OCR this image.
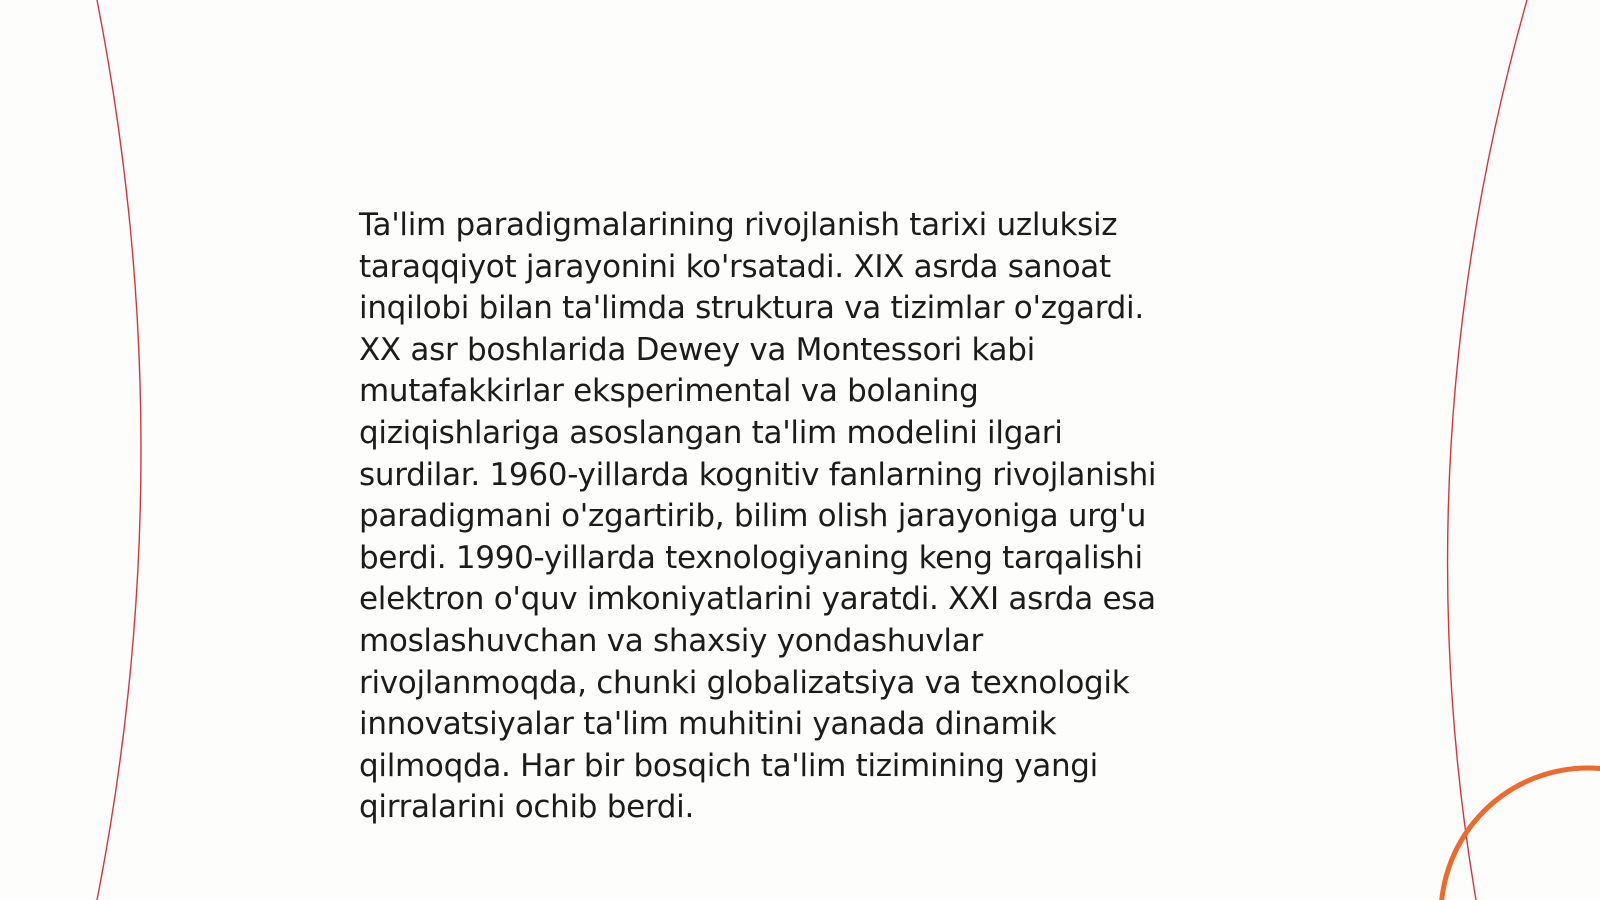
Ta'lim paradigmalarining rivojlanish tarixi uzluksiz
taraqqiyot jarayonini ko'rsatadi. XIX asrda sanoat
inqilobi bilan ta'limda struktura va tizimlar o'zgardi.
XX asr boshlarida Dewey va Montessori kabi
mutafakkirlar eksperimental va bolaning
qiziqishlariga asoslangan ta'lim modelini ilgari
surdilar. 1960-yillarda kognitiv fanlarning rivojlanishi
paradigmani o'zgartirib, bilim olish jarayoniga urg'u
berdi. 1990-yillarda texnologiyaning keng tarqalishi
elektron o'quv imkoniyatlarini yaratdi. XXI asrda esa
moslashuvchan va shaxsiy yondashuvlar
rivojlanmoqda, chunki globalizatsiya va texnologik
innovatsiyalar ta'lim muhitini yanada dinamik
qilmoqda. Har bir bosqich ta'lim tizimining yangi
qirralarini ochib berdi.
